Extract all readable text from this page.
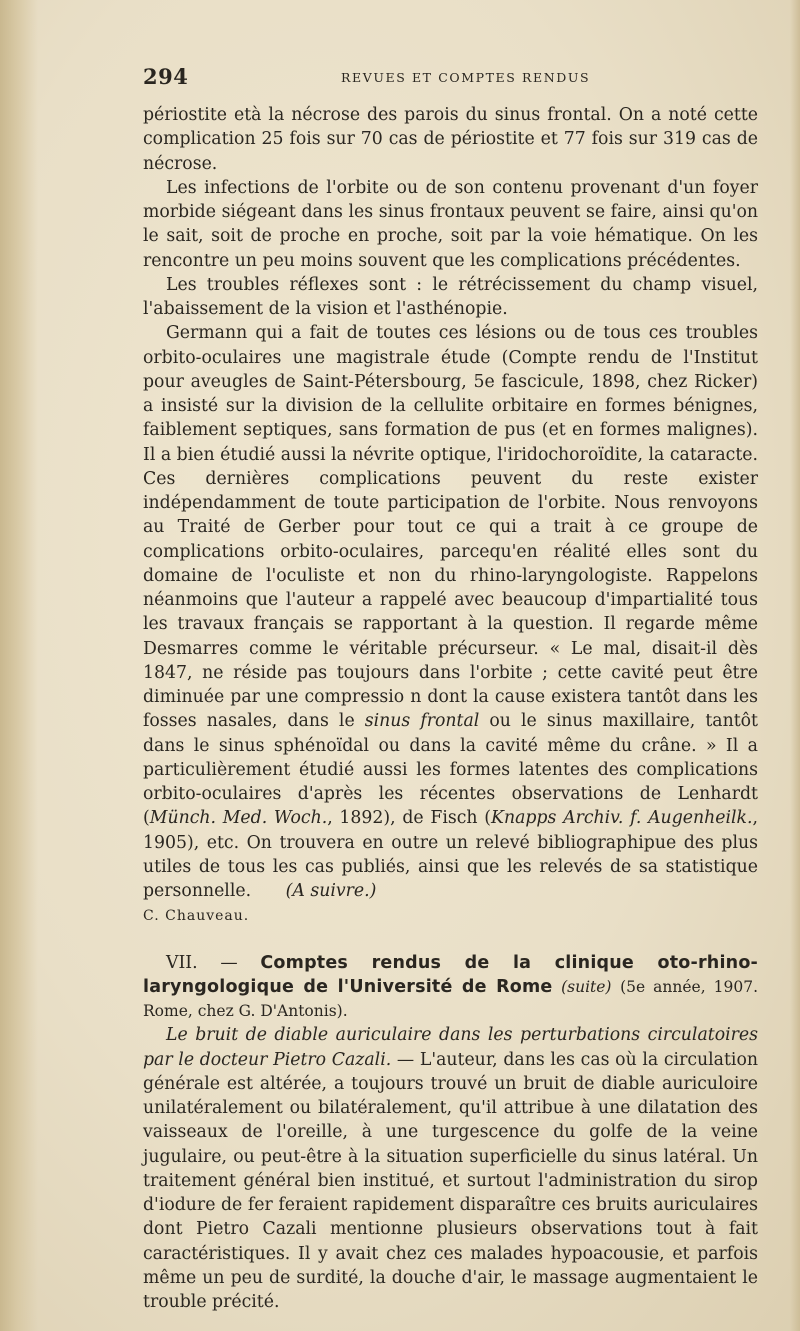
294	REVUES ET COMPTES RENDUS

périostite età la nécrose des parois du sinus frontal. On a noté cette complication 25 fois sur 70 cas de périostite et 77 fois sur 319 cas de nécrose.

Les infections de l'orbite ou de son contenu provenant d'un foyer morbide siégeant dans les sinus frontaux peuvent se faire, ainsi qu'on le sait, soit de proche en proche, soit par la voie hématique. On les rencontre un peu moins souvent que les complications précédentes.

Les troubles réflexes sont : le rétrécissement du champ visuel, l'abaissement de la vision et l'asthénopie.

Germann qui a fait de toutes ces lésions ou de tous ces troubles orbito-oculaires une magistrale étude (Compte rendu de l'Institut pour aveugles de Saint-Pétersbourg, 5e fascicule, 1898, chez Ricker) a insisté sur la division de la cellulite orbitaire en formes bénignes, faiblement septiques, sans formation de pus (et en formes malignes). Il a bien étudié aussi la névrite optique, l'iridochoroïdite, la cataracte. Ces dernières complications peuvent du reste exister indépendamment de toute participation de l'orbite. Nous renvoyons au Traité de Gerber pour tout ce qui a trait à ce groupe de complications orbito-oculaires, parcequ'en réalité elles sont du domaine de l'oculiste et non du rhino-laryngologiste. Rappelons néanmoins que l'auteur a rappelé avec beaucoup d'impartialité tous les travaux français se rapportant à la question. Il regarde même Desmarres comme le véritable précurseur. « Le mal, disait-il dès 1847, ne réside pas toujours dans l'orbite ; cette cavité peut être diminuée par une compressio n dont la cause existera tantôt dans les fosses nasales, dans le sinus frontal ou le sinus maxillaire, tantôt dans le sinus sphénoïdal ou dans la cavité même du crâne. » Il a particulièrement étudié aussi les formes latentes des complications orbito-oculaires d'après les récentes observations de Lenhardt (Münch. Med. Woch., 1892), de Fisch (Knapps Archiv. f. Augenheilk., 1905), etc. On trouvera en outre un relevé bibliographipue des plus utiles de tous les cas publiés, ainsi que les relevés de sa statistique personnelle.   (A suivre.)

C. Chauveau.

VII. — Comptes rendus de la clinique oto-rhino-laryngologique de l'Université de Rome (suite) (5e année, 1907. Rome, chez G. D'Antonis).

Le bruit de diable auriculaire dans les perturbations circulatoires par le docteur Pietro Cazali. — L'auteur, dans les cas où la circulation générale est altérée, a toujours trouvé un bruit de diable auriculoire unilatéralement ou bilatéralement, qu'il attribue à une dilatation des vaisseaux de l'oreille, à une turgescence du golfe de la veine jugulaire, ou peut-être à la situation superficielle du sinus latéral. Un traitement général bien institué, et surtout l'administration du sirop d'iodure de fer feraient rapidement disparaître ces bruits auriculaires dont Pietro Cazali mentionne plusieurs observations tout à fait caractéristiques. Il y avait chez ces malades hypoacousie, et parfois même un peu de surdité, la douche d'air, le massage augmentaient le trouble précité.
